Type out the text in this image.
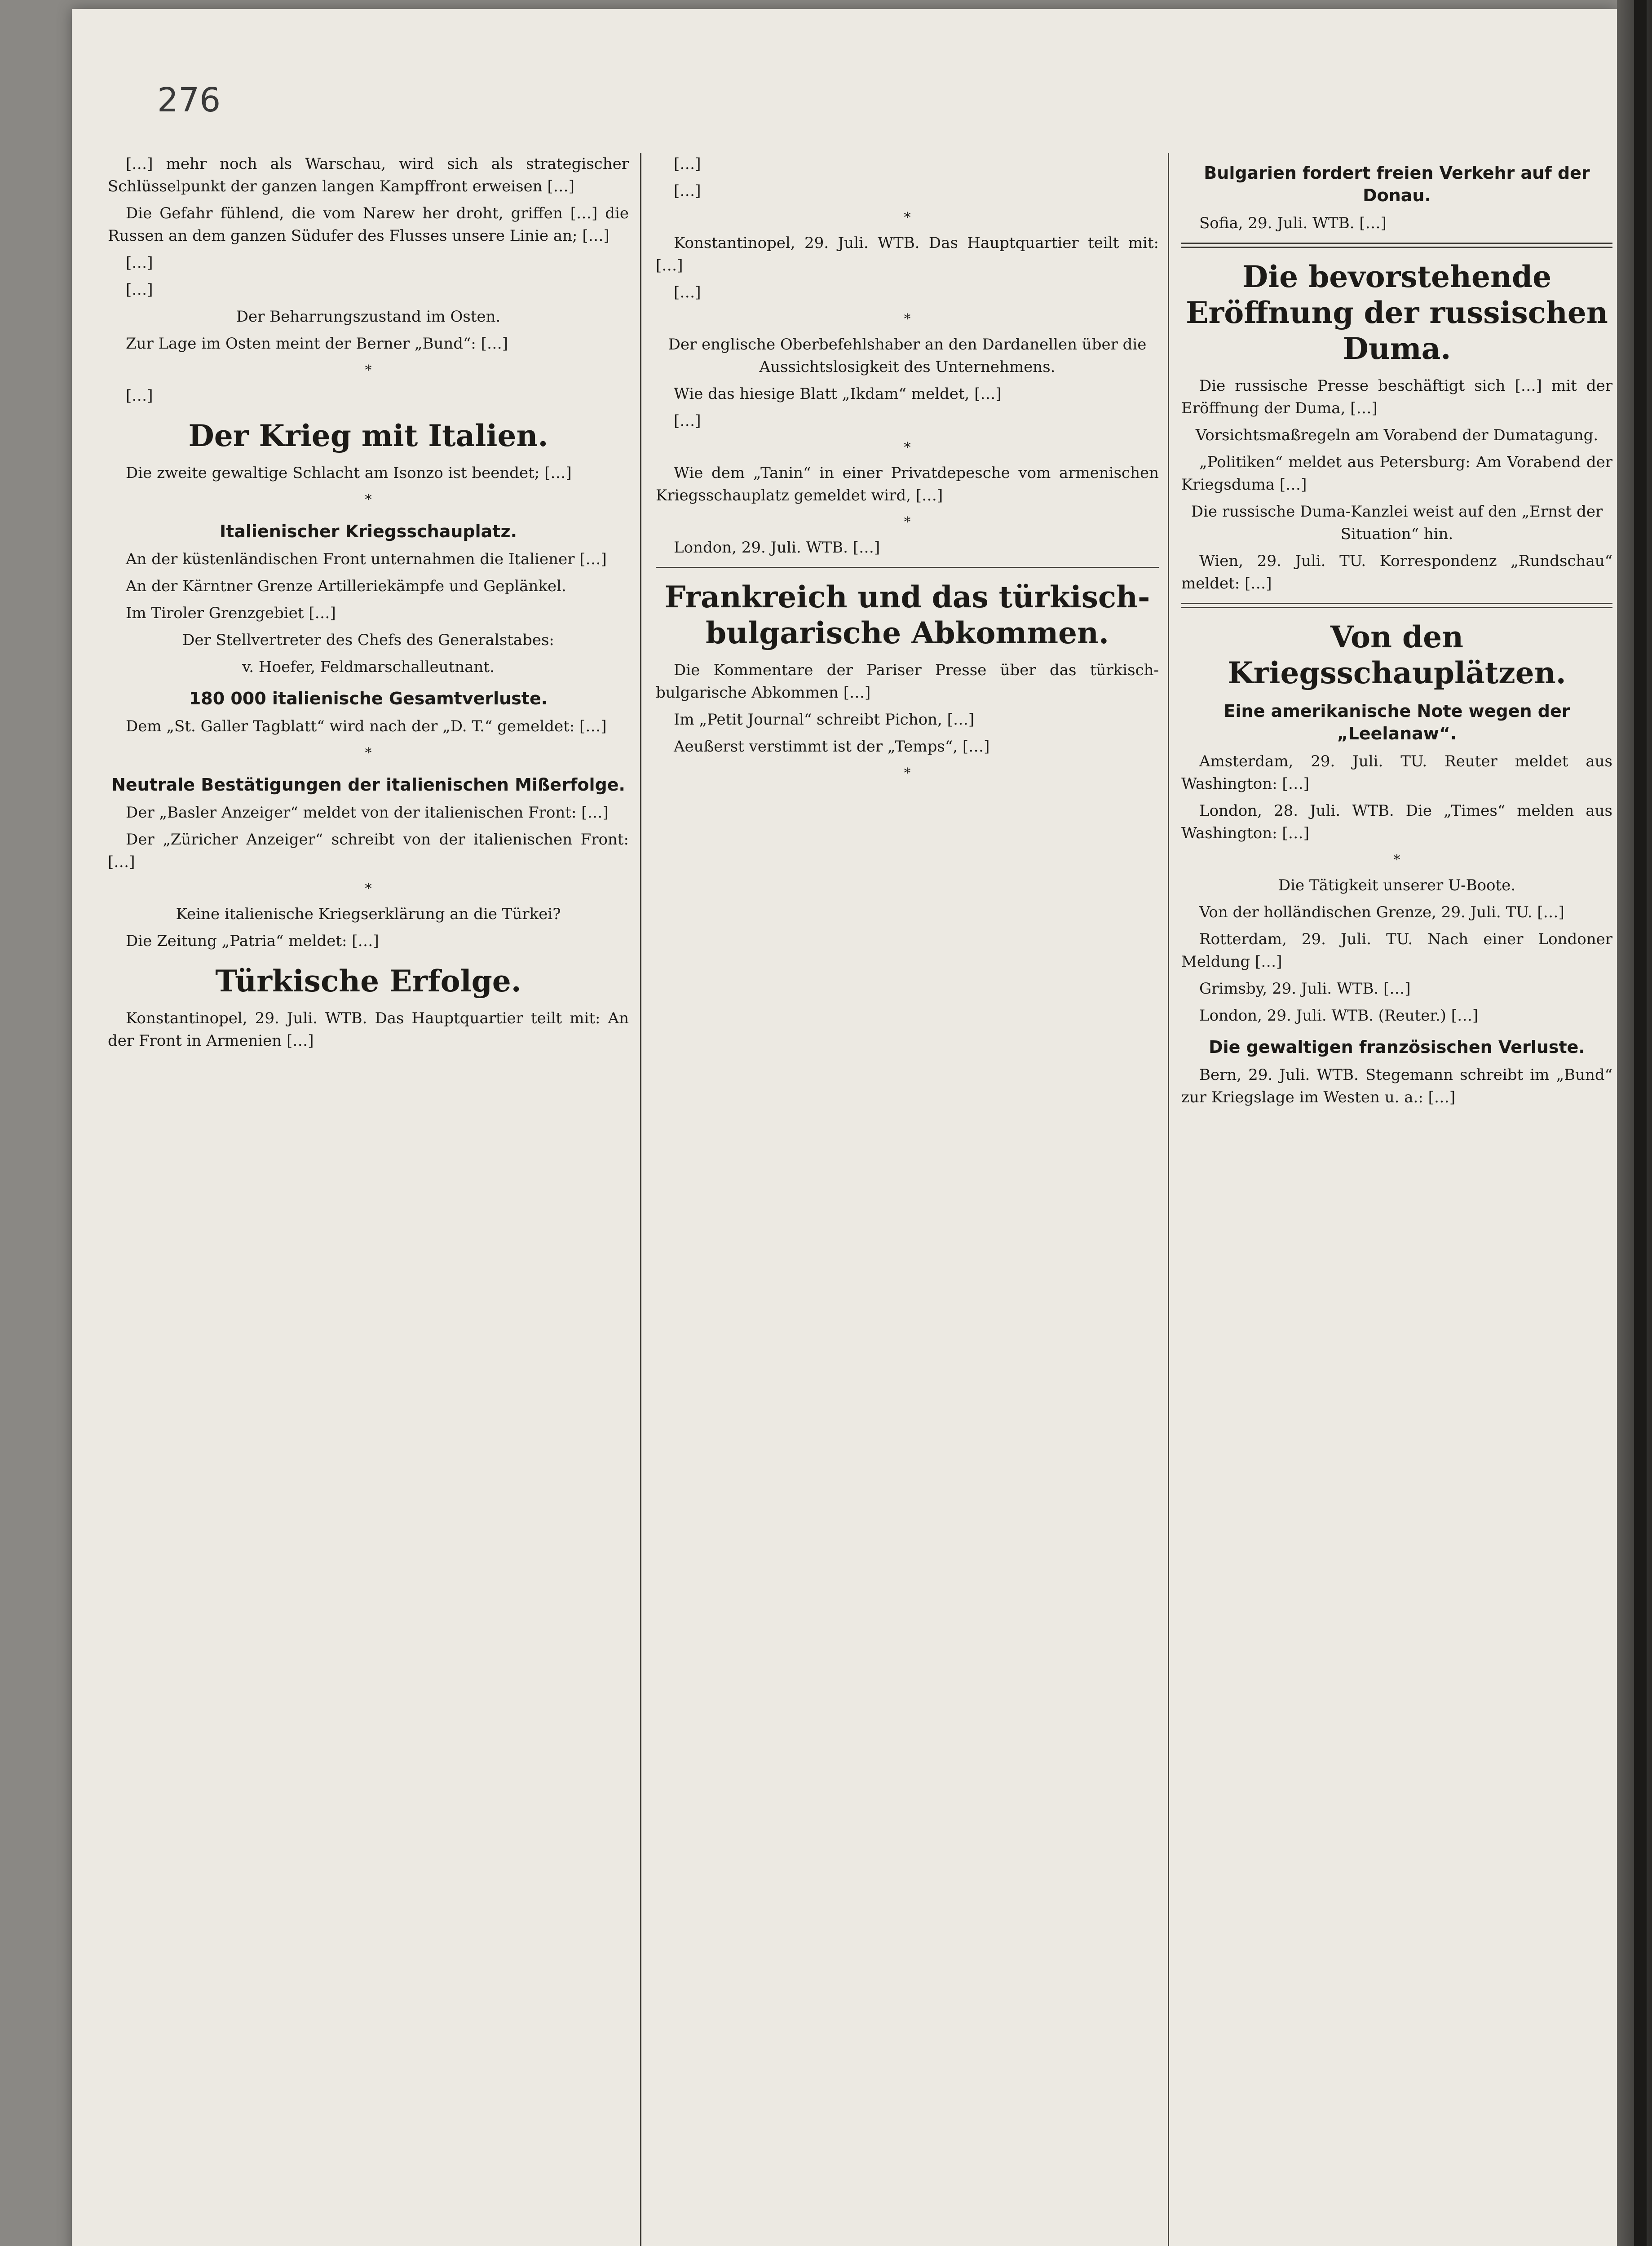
276

[…] mehr noch als Warschau, wird sich als strategischer Schlüsselpunkt der ganzen langen Kampffront erweisen […]

Die Gefahr fühlend, die vom Narew her droht, griffen […] die Russen an dem ganzen Südufer des Flusses unsere Linie an; […]

[…]

[…]

Der Beharrungszustand im Osten.

Zur Lage im Osten meint der Berner „Bund“: […]

*

[…]

Der Krieg mit Italien.

Die zweite gewaltige Schlacht am Isonzo ist beendet; […]

*
Italienischer Kriegsschauplatz.

An der küstenländischen Front unternahmen die Italiener […]

An der Kärntner Grenze Artilleriekämpfe und Geplänkel.

Im Tiroler Grenzgebiet […]

Der Stellvertreter des Chefs des Generalstabes:

v. Hoefer, Feldmarschalleutnant.

180 000 italienische Gesamtverluste.

Dem „St. Galler Tagblatt“ wird nach der „D. T.“ gemeldet: […]

*
Neutrale Bestätigungen der italienischen Mißerfolge.

Der „Basler Anzeiger“ meldet von der italienischen Front: […]

Der „Züricher Anzeiger“ schreibt von der italienischen Front: […]

*

Keine italienische Kriegserklärung an die Türkei?

Die Zeitung „Patria“ meldet: […]

Türkische Erfolge.

Konstantinopel, 29. Juli. WTB. Das Hauptquartier teilt mit: An der Front in Armenien […]

[…]

[…]

*

Konstantinopel, 29. Juli. WTB. Das Hauptquartier teilt mit: […]

[…]

*

Der englische Oberbefehlshaber an den Dardanellen über die Aussichtslosigkeit des Unternehmens.

Wie das hiesige Blatt „Ikdam“ meldet, […]

[…]

*

Wie dem „Tanin“ in einer Privatdepesche vom armenischen Kriegsschauplatz gemeldet wird, […]

*

London, 29. Juli. WTB. […]

Frankreich und das türkisch-bulgarische Abkommen.

Die Kommentare der Pariser Presse über das türkisch-bulgarische Abkommen […]

Im „Petit Journal“ schreibt Pichon, […]

Aeußerst verstimmt ist der „Temps“, […]

*
Bulgarien fordert freien Verkehr auf der Donau.

Sofia, 29. Juli. WTB. […]

Die bevorstehende Eröffnung der russischen Duma.

Die russische Presse beschäftigt sich […] mit der Eröffnung der Duma, […]

Vorsichtsmaßregeln am Vorabend der Dumatagung.

„Politiken“ meldet aus Petersburg: Am Vorabend der Kriegsduma […]

Die russische Duma-Kanzlei weist auf den „Ernst der Situation“ hin.

Wien, 29. Juli. TU. Korrespondenz „Rundschau“ meldet: […]

Von den Kriegsschauplätzen.
Eine amerikanische Note wegen der „Leelanaw“.

Amsterdam, 29. Juli. TU. Reuter meldet aus Washington: […]

London, 28. Juli. WTB. Die „Times“ melden aus Washington: […]

*

Die Tätigkeit unserer U-Boote.

Von der holländischen Grenze, 29. Juli. TU. […]

Rotterdam, 29. Juli. TU. Nach einer Londoner Meldung […]

Grimsby, 29. Juli. WTB. […]

London, 29. Juli. WTB. (Reuter.) […]

Die gewaltigen französischen Verluste.

Bern, 29. Juli. WTB. Stegemann schreibt im „Bund“ zur Kriegslage im Westen u. a.: […]
